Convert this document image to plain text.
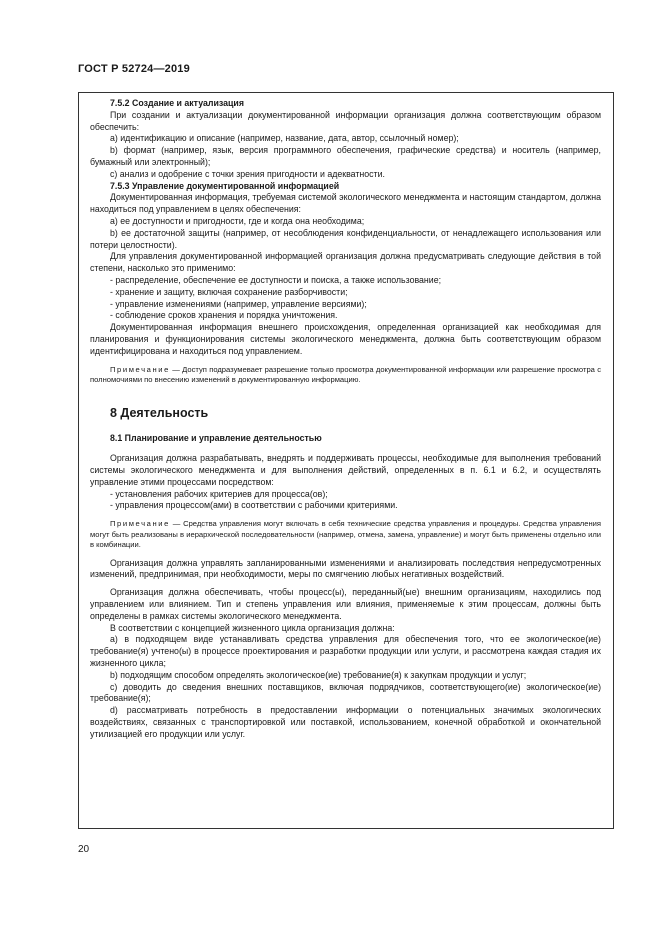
ГОСТ Р 52724—2019

7.5.2 Создание и актуализация

При создании и актуализации документированной информации организация должна соответствующим образом обеспечить:

a) идентификацию и описание (например, название, дата, автор, ссылочный номер);

b) формат (например, язык, версия программного обеспечения, графические средства) и носитель (например, бумажный или электронный);

c) анализ и одобрение с точки зрения пригодности и адекватности.

7.5.3 Управление документированной информацией

Документированная информация, требуемая системой экологического менеджмента и настоящим стандартом, должна находиться под управлением в целях обеспечения:

a) ее доступности и пригодности, где и когда она необходима;

b) ее достаточной защиты (например, от несоблюдения конфиденциальности, от ненадлежащего использования или потери целостности).

Для управления документированной информацией организация должна предусматривать следующие действия в той степени, насколько это применимо:

- распределение, обеспечение ее доступности и поиска, а также использование;

- хранение и защиту, включая сохранение разборчивости;

- управление изменениями (например, управление версиями);

- соблюдение сроков хранения и порядка уничтожения.

Документированная информация внешнего происхождения, определенная организацией как необходимая для планирования и функционирования системы экологического менеджмента, должна быть соответствующим образом идентифицирована и находиться под управлением.

Примечание — Доступ подразумевает разрешение только просмотра документированной информации или разрешение просмотра с полномочиями по внесению изменений в документированную информацию.

8 Деятельность

8.1 Планирование и управление деятельностью

Организация должна разрабатывать, внедрять и поддерживать процессы, необходимые для выполнения требований системы экологического менеджмента и для выполнения действий, определенных в п. 6.1 и 6.2, и осуществлять управление этими процессами посредством:

- установления рабочих критериев для процесса(ов);

- управления процессом(ами) в соответствии с рабочими критериями.

Примечание — Средства управления могут включать в себя технические средства управления и процедуры. Средства управления могут быть реализованы в иерархической последовательности (например, отмена, замена, управление) и могут быть применены отдельно или в комбинации.

Организация должна управлять запланированными изменениями и анализировать последствия непредусмотренных изменений, предпринимая, при необходимости, меры по смягчению любых негативных воздействий.

Организация должна обеспечивать, чтобы процесс(ы), переданный(ые) внешним организациям, находились под управлением или влиянием. Тип и степень управления или влияния, применяемые к этим процессам, должны быть определены в рамках системы экологического менеджмента.

В соответствии с концепцией жизненного цикла организация должна:

a) в подходящем виде устанавливать средства управления для обеспечения того, что ее экологическое(ие) требование(я) учтено(ы) в процессе проектирования и разработки продукции или услуги, и рассмотрена каждая стадия их жизненного цикла;

b) подходящим способом определять экологическое(ие) требование(я) к закупкам продукции и услуг;

c) доводить до сведения внешних поставщиков, включая подрядчиков, соответствующего(ие) экологическое(ие) требование(я);

d) рассматривать потребность в предоставлении информации о потенциальных значимых экологических воздействиях, связанных с транспортировкой или поставкой, использованием, конечной обработкой и окончательной утилизацией его продукции или услуг.

20
